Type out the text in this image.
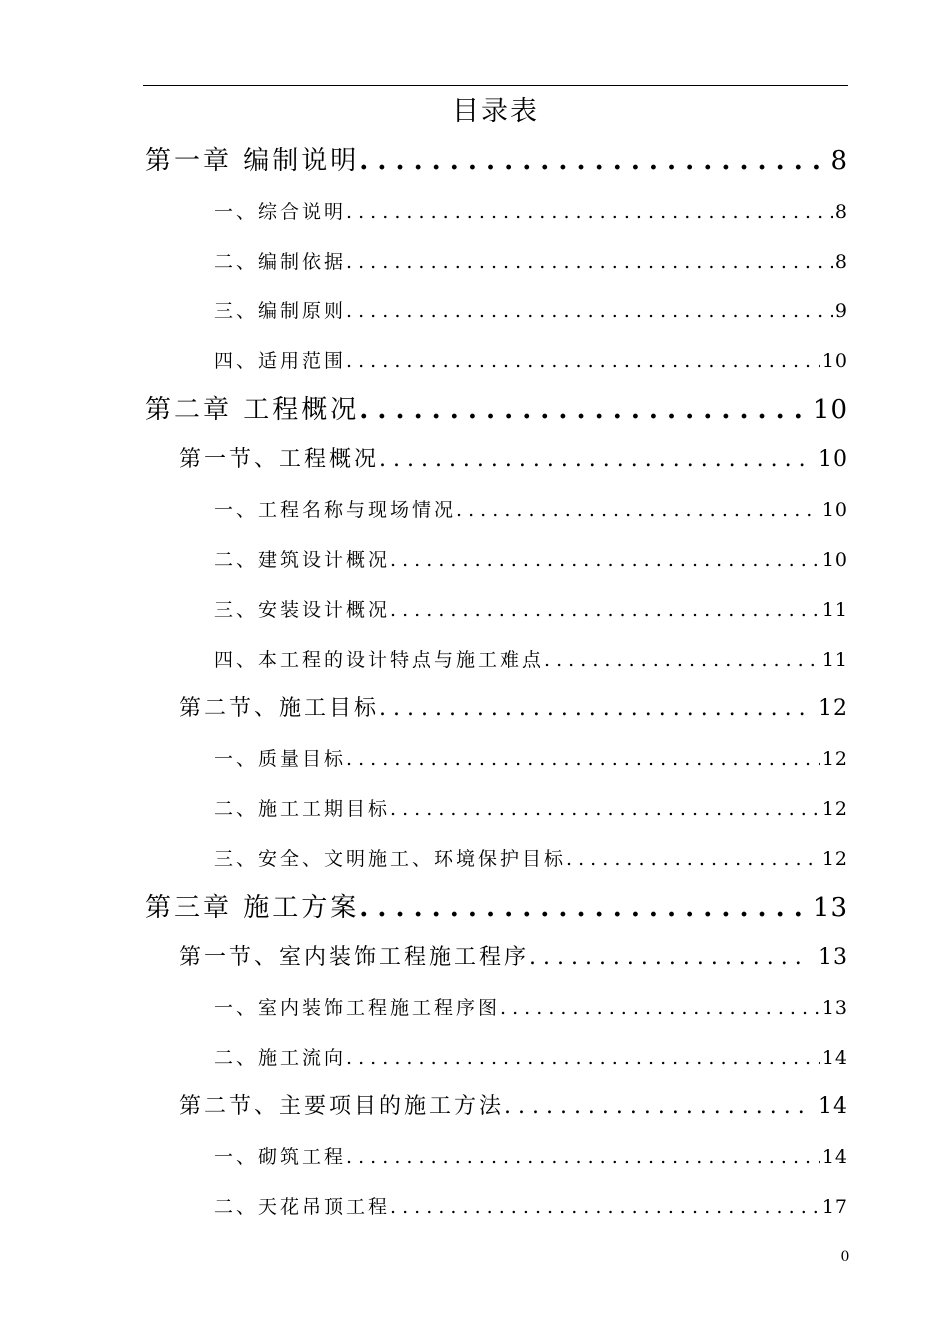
目录表
第一章 编制说明 . . .	8
一、综合说明 . . .	8
二、编制依据 . . .	8
三、编制原则 . . .	9
四、适用范围 . . .	10
第二章 工程概况 . . .	10
第一节、工程概况 . . .	10
一、工程名称与现场情况 . . .	10
二、建筑设计概况 . . .	10
三、安装设计概况 . . .	11
四、本工程的设计特点与施工难点 . . .	11
第二节、施工目标 . . .	12
一、质量目标 . . .	12
二、施工工期目标 . . .	12
三、安全、文明施工、环境保护目标 . . .	12
第三章 施工方案 . . .	13
第一节、室内装饰工程施工程序 . . .	13
一、室内装饰工程施工程序图 . . .	13
二、施工流向 . . .	14
第二节、主要项目的施工方法 . . .	14
一、砌筑工程 . . .	14
二、天花吊顶工程 . . .	17
0
